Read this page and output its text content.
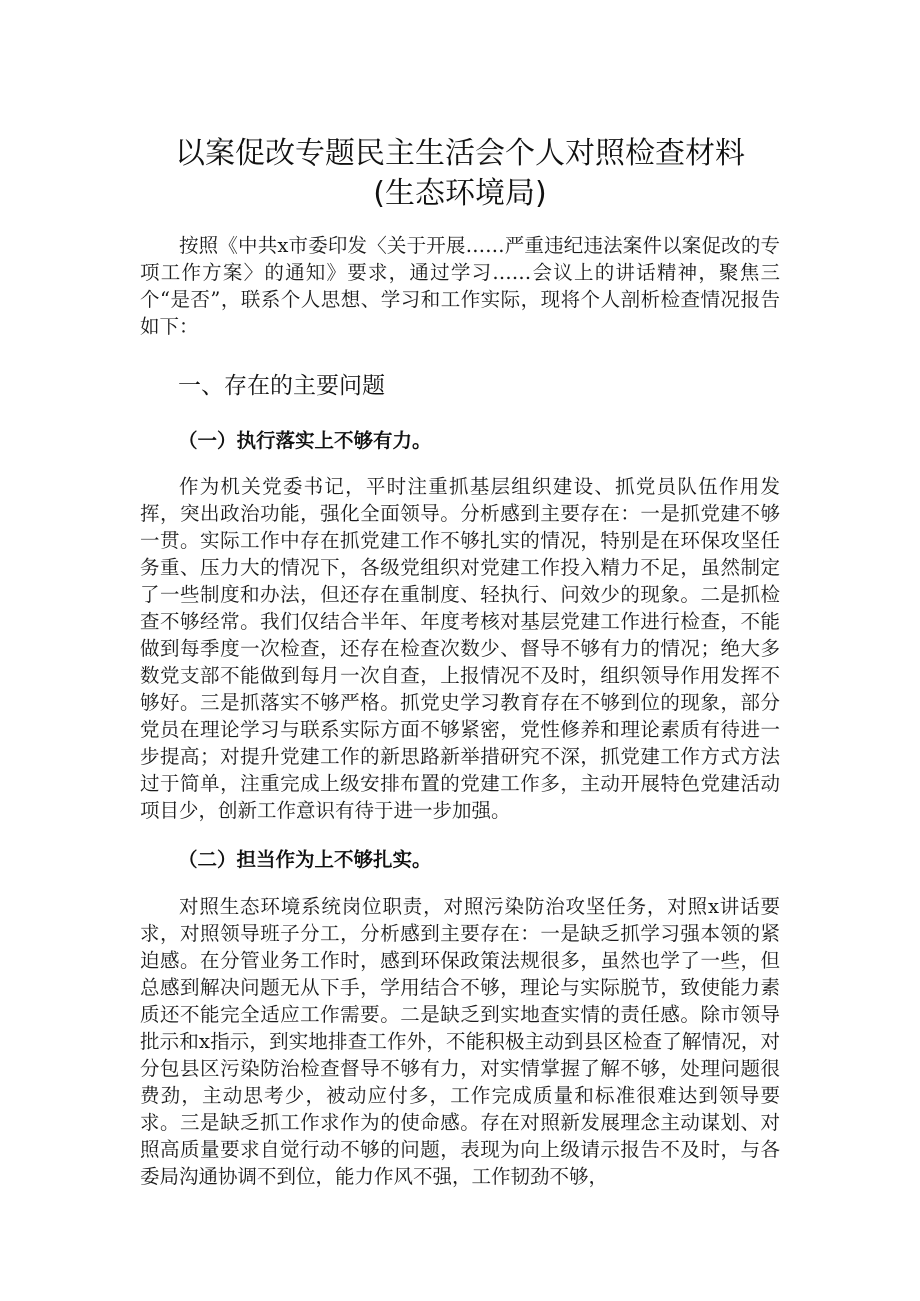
以案促改专题民主生活会个人对照检查材料
(生态环境局)

按照《中共x市委印发〈关于开展……严重违纪违法案件以案促改的专项工作方案〉的通知》要求，通过学习……会议上的讲话精神，聚焦三个“是否”，联系个人思想、学习和工作实际，现将个人剖析检查情况报告如下：

一、存在的主要问题
（一）执行落实上不够有力。

作为机关党委书记，平时注重抓基层组织建设、抓党员队伍作用发挥，突出政治功能，强化全面领导。分析感到主要存在：一是抓党建不够一贯。实际工作中存在抓党建工作不够扎实的情况，特别是在环保攻坚任务重、压力大的情况下，各级党组织对党建工作投入精力不足，虽然制定了一些制度和办法，但还存在重制度、轻执行、问效少的现象。二是抓检查不够经常。我们仅结合半年、年度考核对基层党建工作进行检查，不能做到每季度一次检查，还存在检查次数少、督导不够有力的情况；绝大多数党支部不能做到每月一次自查，上报情况不及时，组织领导作用发挥不够好。三是抓落实不够严格。抓党史学习教育存在不够到位的现象，部分党员在理论学习与联系实际方面不够紧密，党性修养和理论素质有待进一步提高；对提升党建工作的新思路新举措研究不深，抓党建工作方式方法过于简单，注重完成上级安排布置的党建工作多，主动开展特色党建活动项目少，创新工作意识有待于进一步加强。

（二）担当作为上不够扎实。

对照生态环境系统岗位职责，对照污染防治攻坚任务，对照x讲话要求，对照领导班子分工，分析感到主要存在：一是缺乏抓学习强本领的紧迫感。在分管业务工作时，感到环保政策法规很多，虽然也学了一些，但总感到解决问题无从下手，学用结合不够，理论与实际脱节，致使能力素质还不能完全适应工作需要。二是缺乏到实地查实情的责任感。除市领导批示和x指示，到实地排查工作外，不能积极主动到县区检查了解情况，对分包县区污染防治检查督导不够有力，对实情掌握了解不够，处理问题很费劲，主动思考少，被动应付多，工作完成质量和标准很难达到领导要求。三是缺乏抓工作求作为的使命感。存在对照新发展理念主动谋划、对照高质量要求自觉行动不够的问题，表现为向上级请示报告不及时，与各委局沟通协调不到位，能力作风不强，工作韧劲不够，
